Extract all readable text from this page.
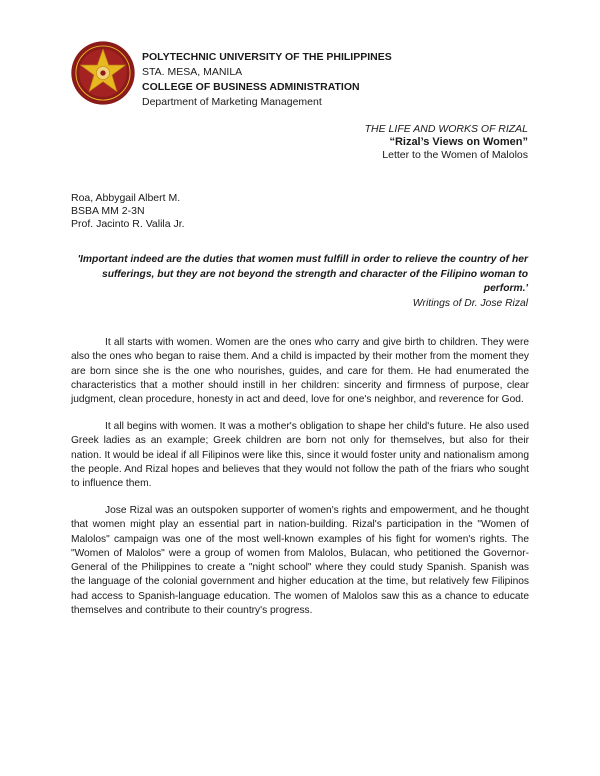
POLYTECHNIC UNIVERSITY OF THE PHILIPPINES
STA. MESA, MANILA
COLLEGE OF BUSINESS ADMINISTRATION
Department of Marketing Management
THE LIFE AND WORKS OF RIZAL
“Rizal’s Views on Women”
Letter to the Women of Malolos
Roa, Abbygail Albert M.
BSBA MM 2-3N
Prof. Jacinto R. Valila Jr.
'Important indeed are the duties that women must fulfill in order to relieve the country of her sufferings, but they are not beyond the strength and character of the Filipino woman to perform.'
Writings of Dr. Jose Rizal

It all starts with women. Women are the ones who carry and give birth to children. They were also the ones who began to raise them. And a child is impacted by their mother from the moment they are born since she is the one who nourishes, guides, and care for them. He had enumerated the characteristics that a mother should instill in her children: sincerity and firmness of purpose, clear judgment, clean procedure, honesty in act and deed, love for one's neighbor, and reverence for God.

It all begins with women. It was a mother's obligation to shape her child's future. He also used Greek ladies as an example; Greek children are born not only for themselves, but also for their nation. It would be ideal if all Filipinos were like this, since it would foster unity and nationalism among the people. And Rizal hopes and believes that they would not follow the path of the friars who sought to influence them.

Jose Rizal was an outspoken supporter of women's rights and empowerment, and he thought that women might play an essential part in nation-building. Rizal's participation in the "Women of Malolos" campaign was one of the most well-known examples of his fight for women's rights. The "Women of Malolos" were a group of women from Malolos, Bulacan, who petitioned the Governor-General of the Philippines to create a "night school" where they could study Spanish. Spanish was the language of the colonial government and higher education at the time, but relatively few Filipinos had access to Spanish-language education. The women of Malolos saw this as a chance to educate themselves and contribute to their country's progress.
